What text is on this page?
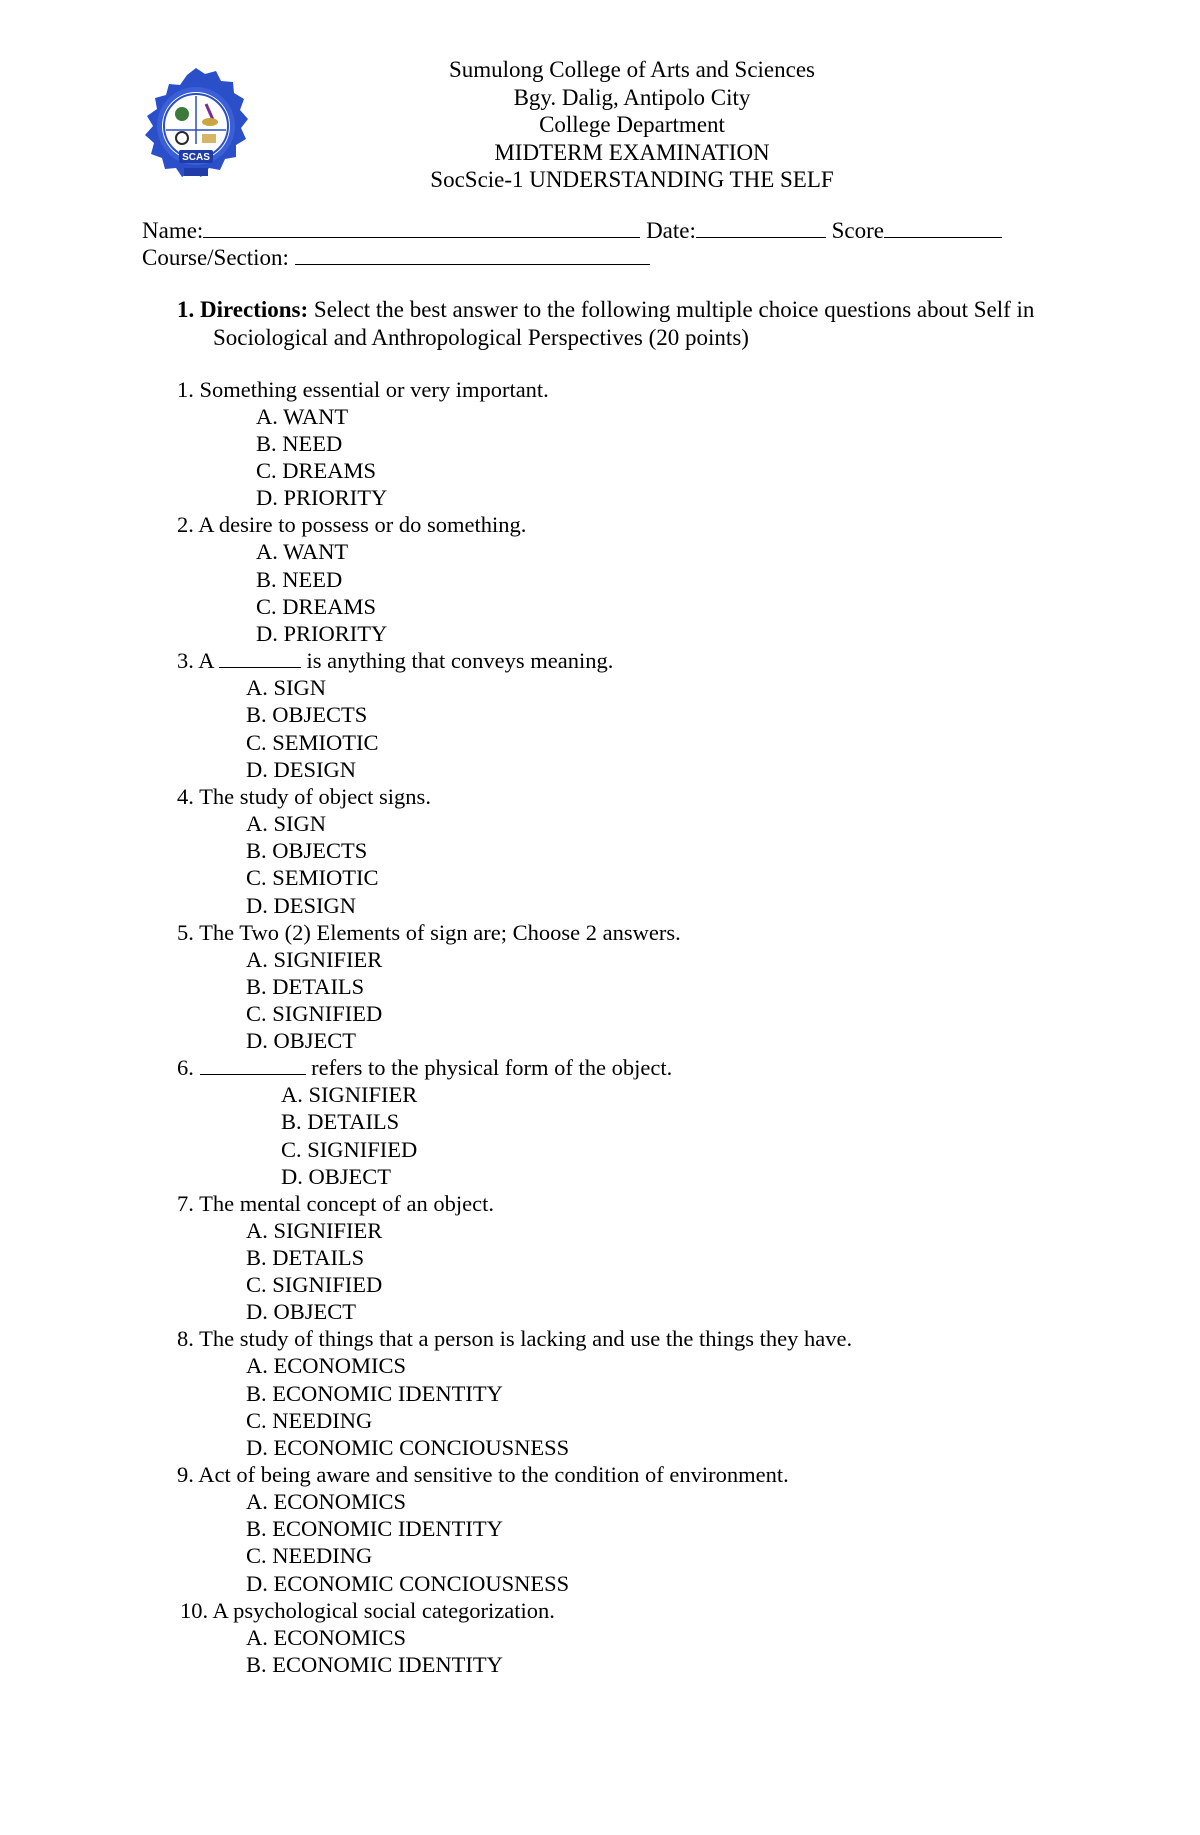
SCAS
Sumulong College of Arts and Sciences
Bgy. Dalig, Antipolo City
College Department
MIDTERM EXAMINATION
SocScie-1 UNDERSTANDING THE SELF
Name:	Date:	Score
Course/Section:
1. Directions: Select the best answer to the following multiple choice questions about Self in
Sociological and Anthropological Perspectives (20 points)
1. Something essential or very important.
A. WANT
B. NEED
C. DREAMS
D. PRIORITY
2. A desire to possess or do something.
A. WANT
B. NEED
C. DREAMS
D. PRIORITY
3. A	is anything that conveys meaning.
A. SIGN
B. OBJECTS
C. SEMIOTIC
D. DESIGN
4. The study of object signs.
A. SIGN
B. OBJECTS
C. SEMIOTIC
D. DESIGN
5. The Two (2) Elements of sign are; Choose 2 answers.
A. SIGNIFIER
B. DETAILS
C. SIGNIFIED
D. OBJECT
6.	refers to the physical form of the object.
A. SIGNIFIER
B. DETAILS
C. SIGNIFIED
D. OBJECT
7. The mental concept of an object.
A. SIGNIFIER
B. DETAILS
C. SIGNIFIED
D. OBJECT
8. The study of things that a person is lacking and use the things they have.
A. ECONOMICS
B. ECONOMIC IDENTITY
C. NEEDING
D. ECONOMIC CONCIOUSNESS
9. Act of being aware and sensitive to the condition of environment.
A. ECONOMICS
B. ECONOMIC IDENTITY
C. NEEDING
D. ECONOMIC CONCIOUSNESS
10. A psychological social categorization.
A. ECONOMICS
B. ECONOMIC IDENTITY
